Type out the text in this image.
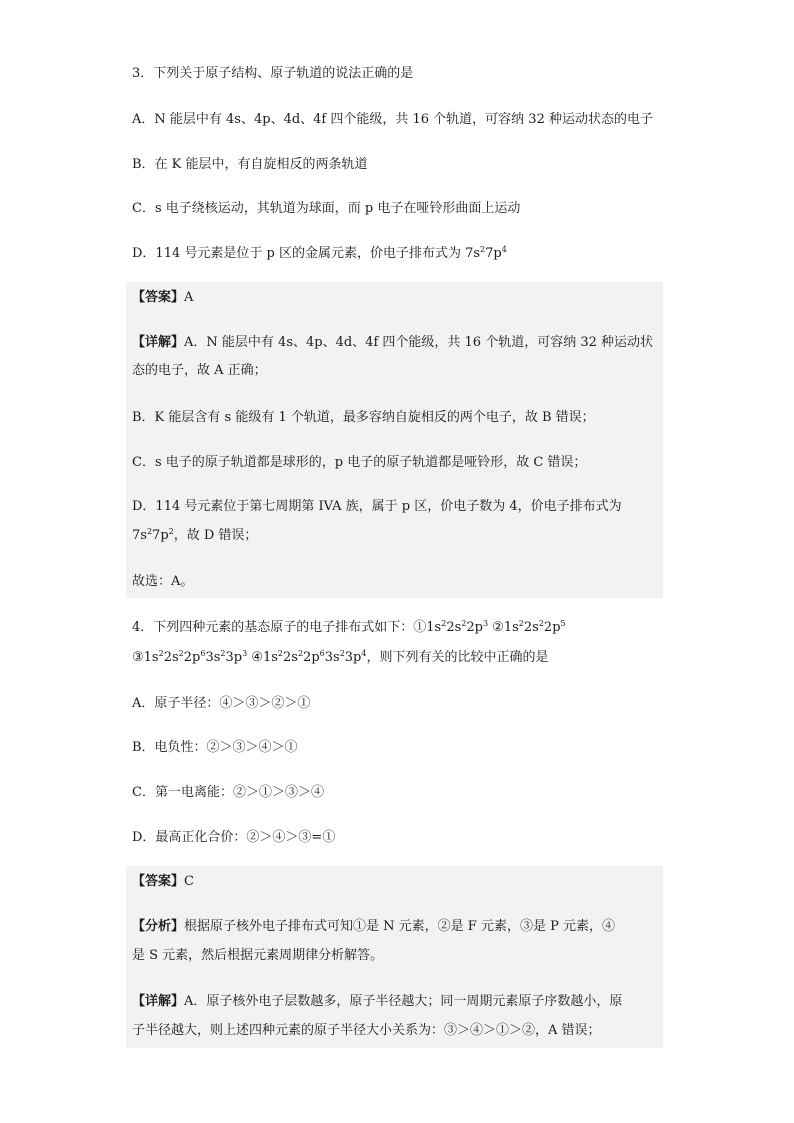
3．下列关于原子结构、原子轨道的说法正确的是
A．N 能层中有 4s、4p、4d、4f 四个能级，共 16 个轨道，可容纳 32 种运动状态的电子
B．在 K 能层中，有自旋相反的两条轨道
C．s 电子绕核运动，其轨道为球面，而 p 电子在哑铃形曲面上运动
D．114 号元素是位于 p 区的金属元素，价电子排布式为 $7s^27p^4$
【答案】A
【详解】A．N 能层中有 4s、4p、4d、4f 四个能级，共 16 个轨道，可容纳 32 种运动状
态的电子，故 A 正确；
B．K 能层含有 s 能级有 1 个轨道，最多容纳自旋相反的两个电子，故 B 错误；
C．s 电子的原子轨道都是球形的，p 电子的原子轨道都是哑铃形，故 C 错误；
D．114 号元素位于第七周期第 IVA 族，属于 p 区，价电子数为 4，价电子排布式为
$7s^27p^2$，故 D 错误；
故选：A。
4．下列四种元素的基态原子的电子排布式如下：$①1s^22s^22p^3$ $②1s^22s^22p^5$
$③1s^22s^22p^63s^23p^3$ $④1s^22s^22p^63s^23p^4$，则下列有关的比较中正确的是
A．原子半径：④＞③＞②＞①
B．电负性：②＞③＞④＞①
C．第一电离能：②＞①＞③＞④
D．最高正化合价：②＞④＞③=①
【答案】C
【分析】根据原子核外电子排布式可知①是 N 元素，②是 F 元素，③是 P 元素，④
是 S 元素，然后根据元素周期律分析解答。
【详解】A．原子核外电子层数越多，原子半径越大；同一周期元素原子序数越小，原
子半径越大，则上述四种元素的原子半径大小关系为：③＞④＞①＞②，A 错误；
